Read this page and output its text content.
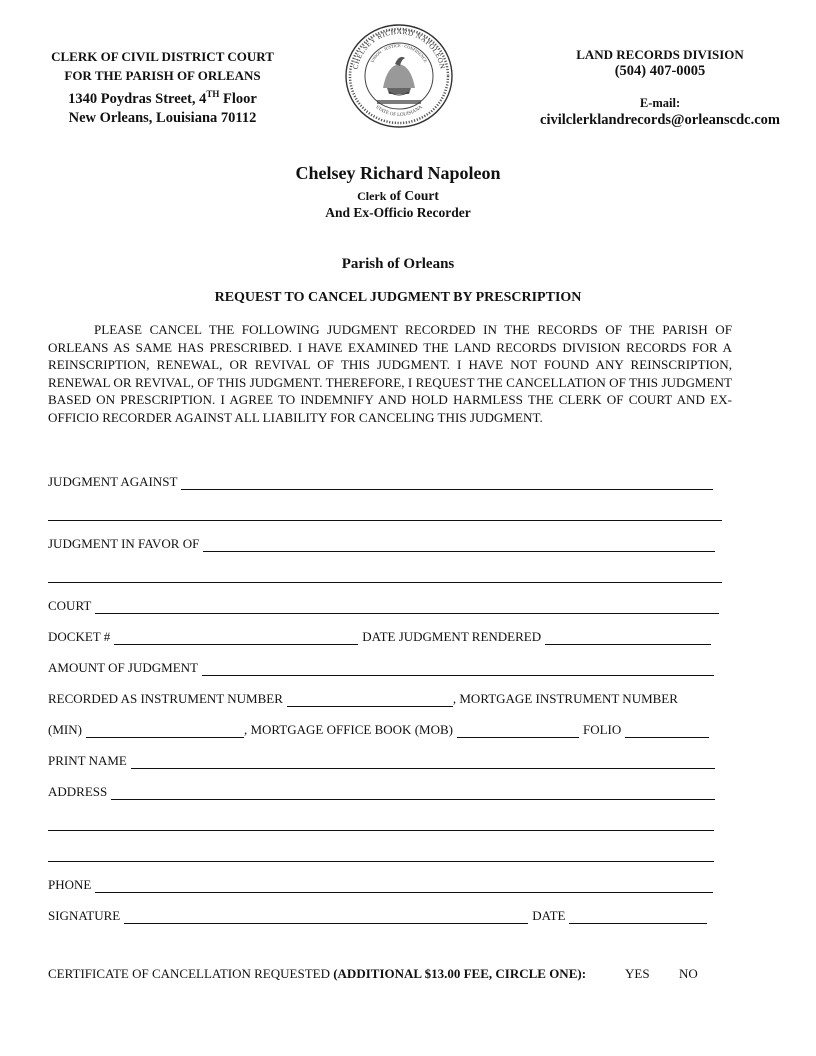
CLERK OF CIVIL DISTRICT COURT
FOR THE PARISH OF ORLEANS
1340 Poydras Street, 4TH Floor
New Orleans, Louisiana 70112
CHELSEY RICHARD NAPOLEON
UNION · JUSTICE · CONFIDENCE
STATE OF LOUISIANA
LAND RECORDS DIVISION
(504) 407-0005
E-mail:
civilclerklandrecords@orleanscdc.com
Chelsey Richard Napoleon
Clerk of Court
And Ex-Officio Recorder
Parish of Orleans
REQUEST TO CANCEL JUDGMENT BY PRESCRIPTION
PLEASE CANCEL THE FOLLOWING JUDGMENT RECORDED IN THE RECORDS OF THE PARISH OF ORLEANS AS SAME HAS PRESCRIBED. I HAVE EXAMINED THE LAND RECORDS DIVISION RECORDS FOR A REINSCRIPTION, RENEWAL, OR REVIVAL OF THIS JUDGMENT. I HAVE NOT FOUND ANY REINSCRIPTION, RENEWAL OR REVIVAL, OF THIS JUDGMENT. THEREFORE, I REQUEST THE CANCELLATION OF THIS JUDGMENT BASED ON PRESCRIPTION. I AGREE TO INDEMNIFY AND HOLD HARMLESS THE CLERK OF COURT AND EX-OFFICIO RECORDER AGAINST ALL LIABILITY FOR CANCELING THIS JUDGMENT.
JUDGMENT AGAINST
JUDGMENT IN FAVOR OF
COURT
DOCKET #	DATE JUDGMENT RENDERED
AMOUNT OF JUDGMENT
RECORDED AS INSTRUMENT NUMBER	, MORTGAGE INSTRUMENT NUMBER
(MIN)	, MORTGAGE OFFICE BOOK (MOB)	FOLIO
PRINT NAME
ADDRESS
PHONE
SIGNATURE	DATE
CERTIFICATE OF CANCELLATION REQUESTED (ADDITIONAL $13.00 FEE, CIRCLE ONE):	YES NO
